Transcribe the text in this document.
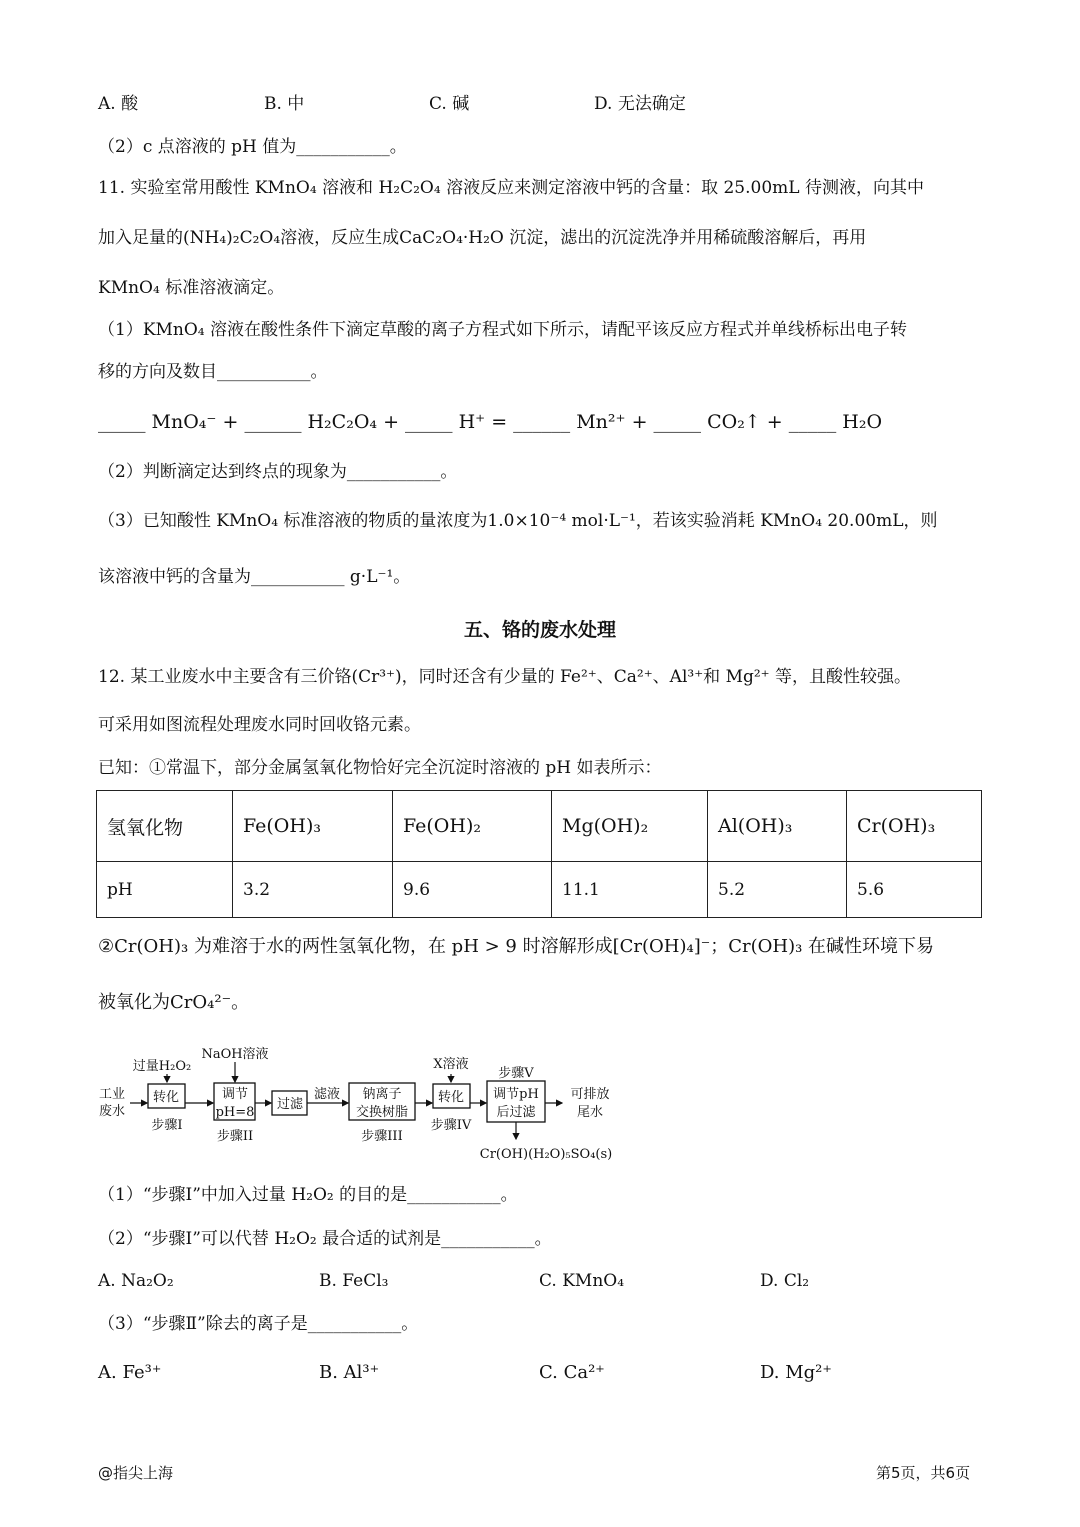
A. 酸	B. 中	C. 碱	D. 无法确定
（2）c 点溶液的 pH 值为___________。
11. 实验室常用酸性 KMnO₄ 溶液和 H₂C₂O₄ 溶液反应来测定溶液中钙的含量：取 25.00mL 待测液，向其中
加入足量的(NH₄)₂C₂O₄溶液，反应生成CaC₂O₄·H₂O 沉淀，滤出的沉淀洗净并用稀硫酸溶解后，再用
KMnO₄ 标准溶液滴定。
（1）KMnO₄ 溶液在酸性条件下滴定草酸的离子方程式如下所示，请配平该反应方程式并单线桥标出电子转
移的方向及数目___________。
_____ MnO₄⁻ + ______ H₂C₂O₄ + _____ H⁺ = ______ Mn²⁺ + _____ CO₂↑ + _____ H₂O
（2）判断滴定达到终点的现象为___________。
（3）已知酸性 KMnO₄ 标准溶液的物质的量浓度为1.0×10⁻⁴ mol·L⁻¹，若该实验消耗 KMnO₄ 20.00mL，则
该溶液中钙的含量为___________ g·L⁻¹。
五、铬的废水处理
12. 某工业废水中主要含有三价铬(Cr³⁺)，同时还含有少量的 Fe²⁺、Ca²⁺、Al³⁺和 Mg²⁺ 等，且酸性较强。
可采用如图流程处理废水同时回收铬元素。
已知：①常温下，部分金属氢氧化物恰好完全沉淀时溶液的 pH 如表所示：
氢氧化物	Fe(OH)₃	Fe(OH)₂	Mg(OH)₂	Al(OH)₃	Cr(OH)₃
pH	3.2	9.6	11.1	5.2	5.6
②Cr(OH)₃ 为难溶于水的两性氢氧化物，在 pH > 9 时溶解形成[Cr(OH)₄]⁻；Cr(OH)₃ 在碱性环境下易
被氧化为CrO₄²⁻。
工业
废水
过量H₂O₂
转化
步骤I
NaOH溶液
调节
pH=8
步骤II
过滤
滤液 钠离子
交换树脂
步骤III
X溶液
转化
步骤IV
步骤V
调节pH
后过滤
可排放
尾水
Cr(OH)(H₂O)₅SO₄(s)
（1）“步骤Ⅰ”中加入过量 H₂O₂ 的目的是___________。
（2）“步骤Ⅰ”可以代替 H₂O₂ 最合适的试剂是___________。
A. Na₂O₂	B. FeCl₃	C. KMnO₄	D. Cl₂
（3）“步骤Ⅱ”除去的离子是___________。
A. Fe³⁺	B. Al³⁺	C. Ca²⁺	D. Mg²⁺
@指尖上海	第5页，共6页
